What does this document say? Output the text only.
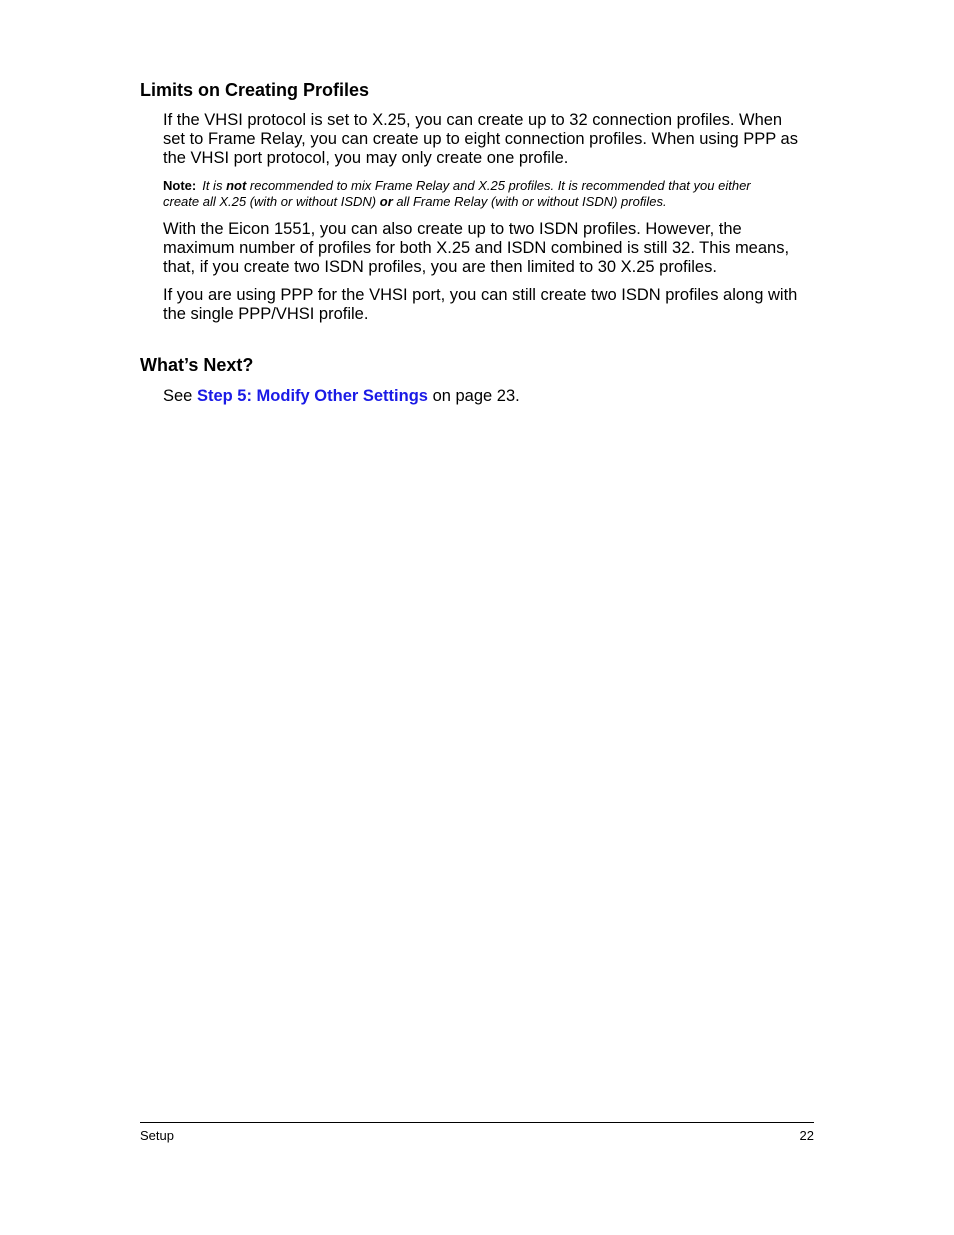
Limits on Creating Profiles
If the VHSI protocol is set to X.25, you can create up to 32 connection profiles. When
set to Frame Relay, you can create up to eight connection profiles. When using PPP as
the VHSI port protocol, you may only create one profile.
Note: It is not recommended to mix Frame Relay and X.25 profiles. It is recommended that you either
create all X.25 (with or without ISDN) or all Frame Relay (with or without ISDN) profiles.
With the Eicon 1551, you can also create up to two ISDN profiles. However, the
maximum number of profiles for both X.25 and ISDN combined is still 32. This means,
that, if you create two ISDN profiles, you are then limited to 30 X.25 profiles.
If you are using PPP for the VHSI port, you can still create two ISDN profiles along with
the single PPP/VHSI profile.
What’s Next?
See Step 5: Modify Other Settings on page 23.
Setup	22
